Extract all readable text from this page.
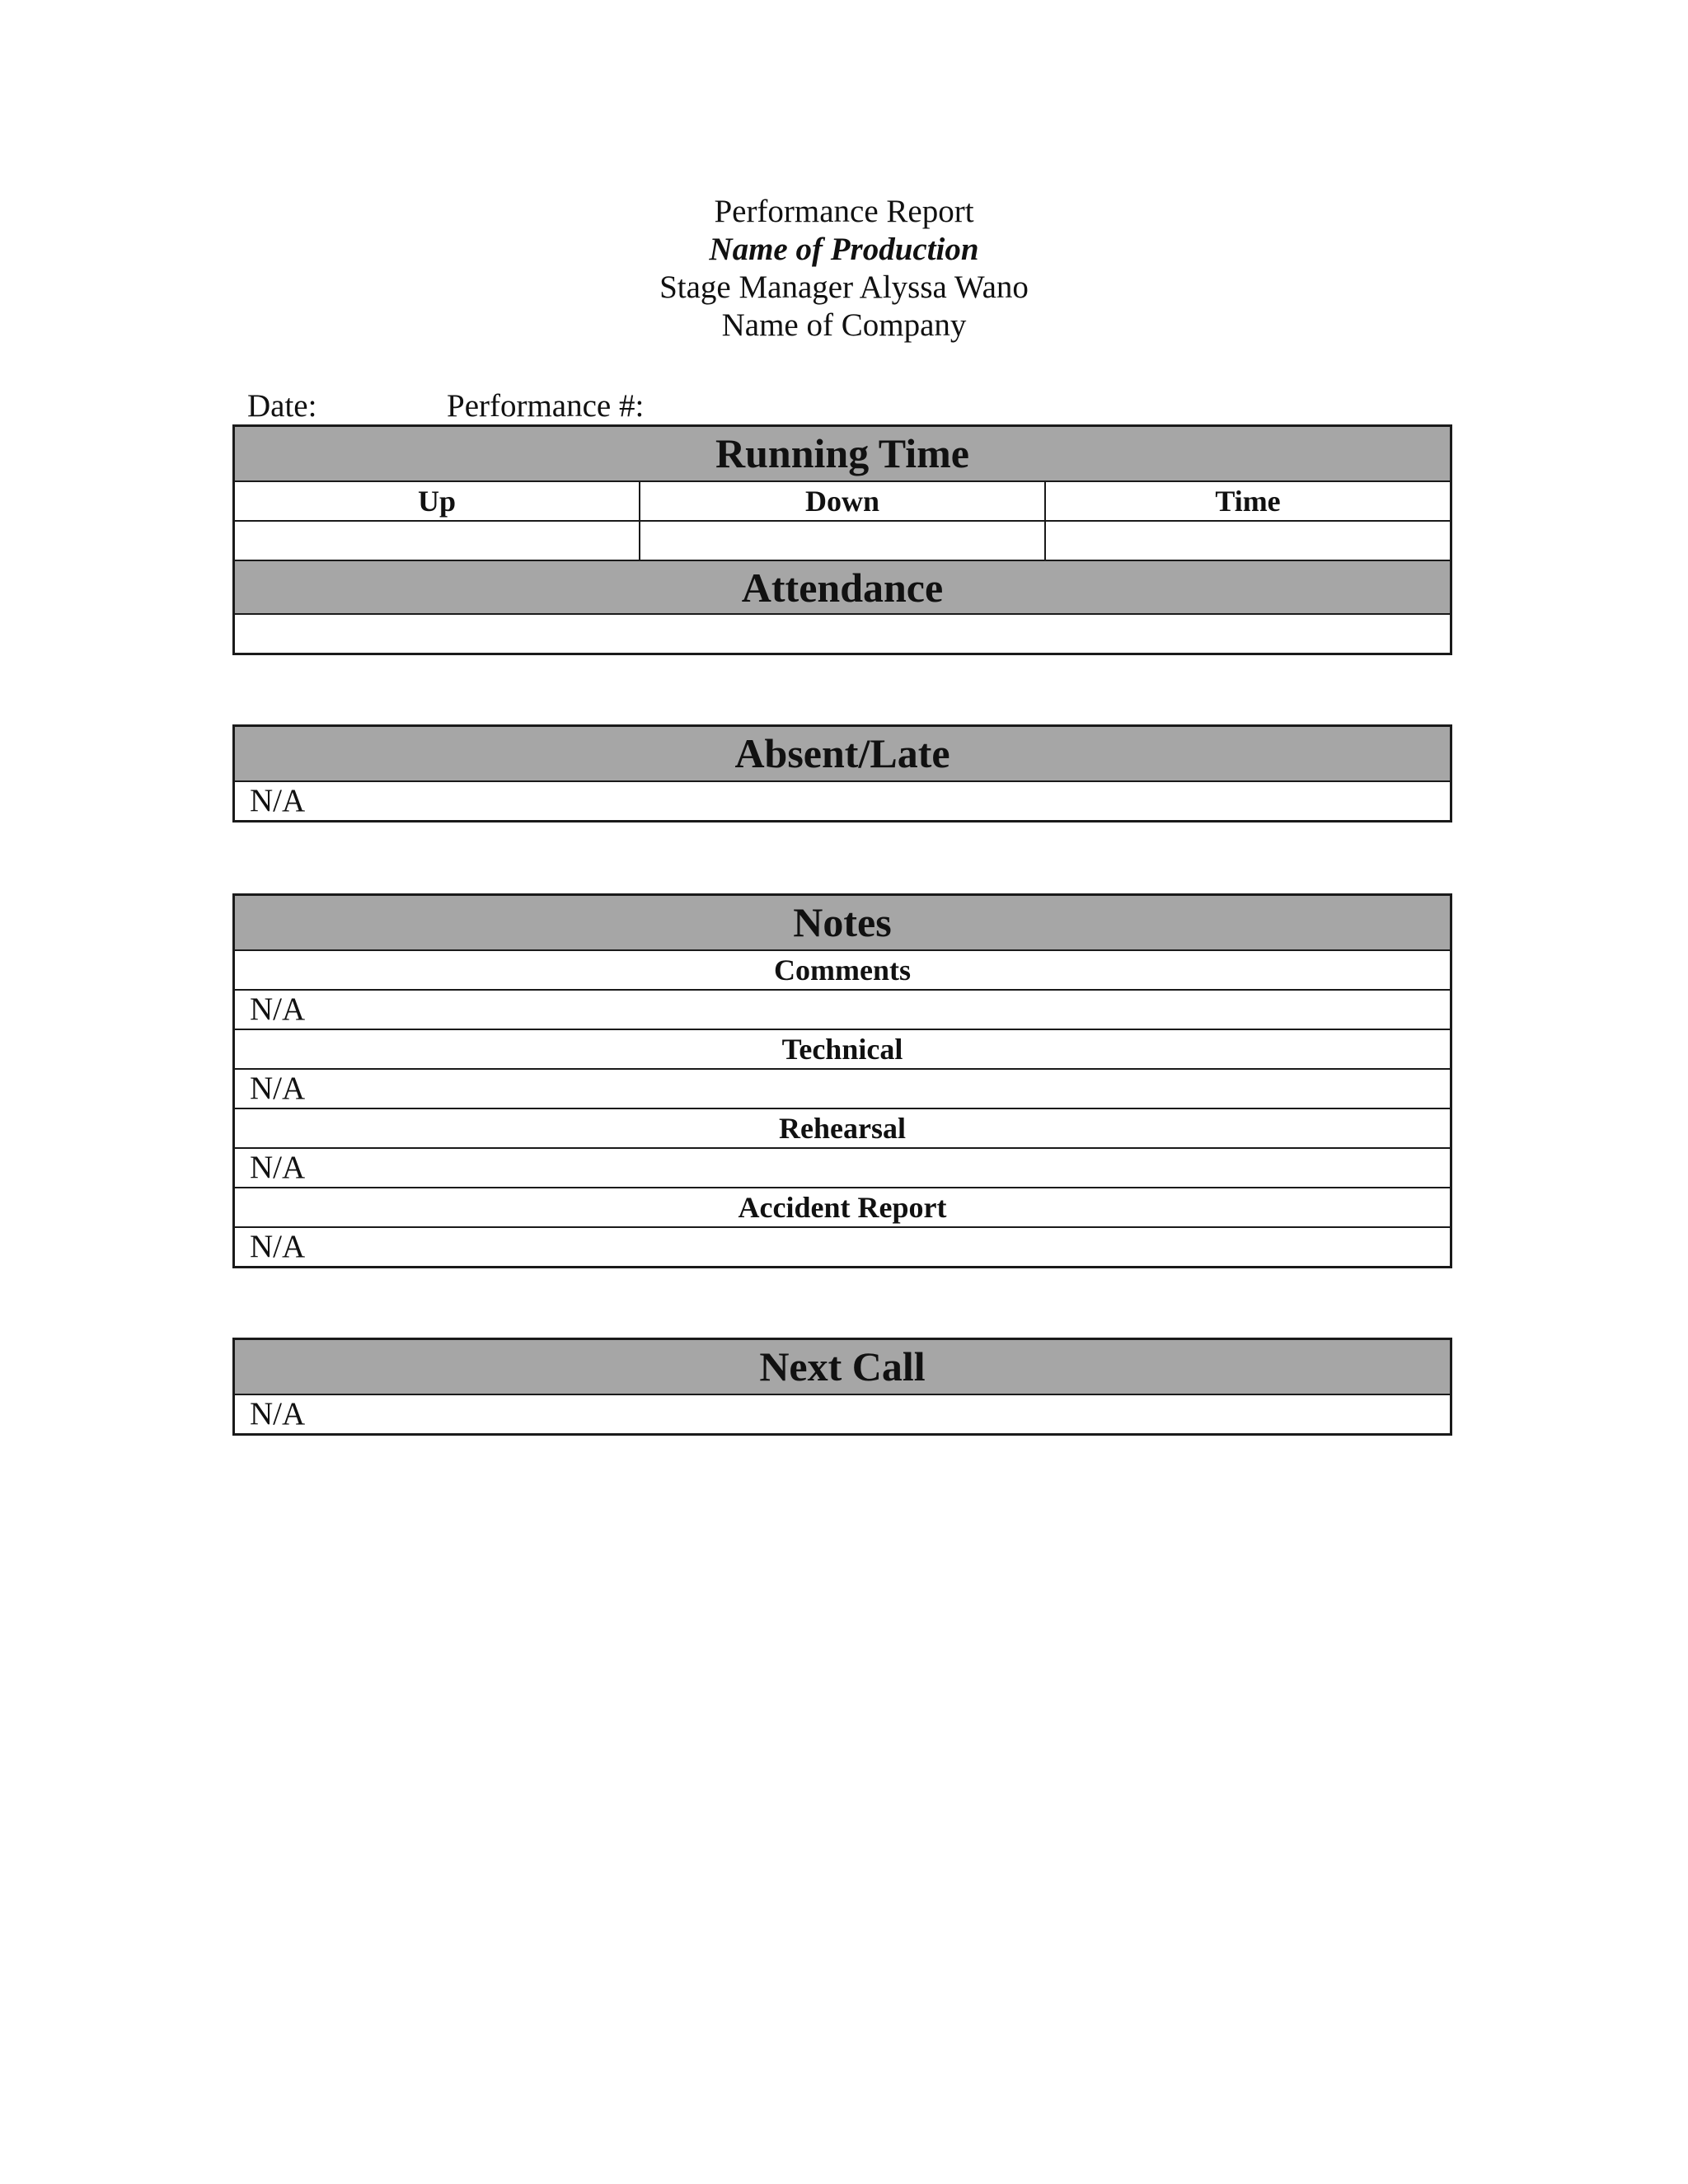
Performance Report
Name of Production
Stage Manager Alyssa Wano
Name of Company
Date:	Performance #:
Running Time
Up	Down	Time
Attendance
Absent/Late
N/A
Notes
Comments
N/A
Technical
N/A
Rehearsal
N/A
Accident Report
N/A
Next Call
N/A
